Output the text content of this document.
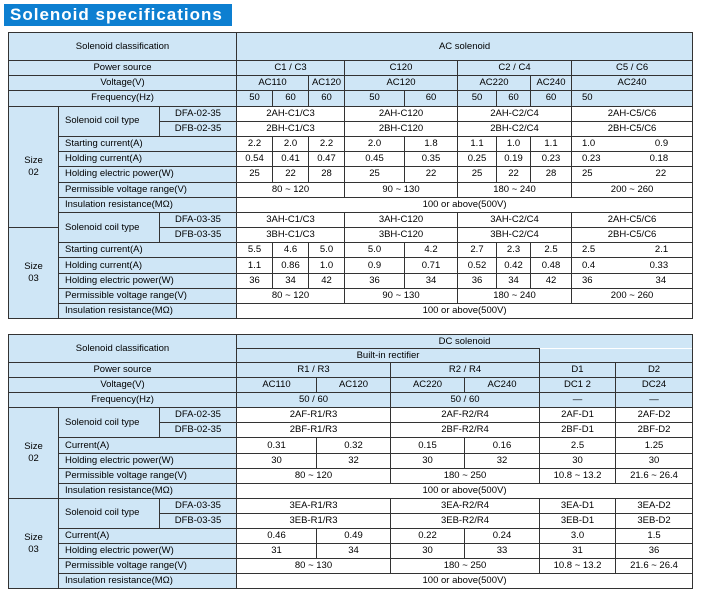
Solenoid specifications
Solenoid classification			AC solenoid								
Power source			C1 / C3			C120		C2 / C4			C5 / C6
Voltage(V)			AC110		AC120	AC120		AC220		AC240	AC240
Frequency(Hz)			50	60	60	50	60	50	60	60	50
Size
02	Solenoid coil type	DFA-02-35	2AH-C1/C3			2AH-C120		2AH-C2/C4			2AH-C5/C6
		DFB-02-35	2BH-C1/C3			2BH-C120		2BH-C2/C4			2BH-C5/C6
	Starting current(A)		2.2	2.0	2.2	2.0	1.8	1.1	1.0	1.1	1.0 0.9

	Holding current(A)		0.54	0.41	0.47	0.45	0.35	0.25	0.19	0.23	0.23 0.18

	Holding electric power(W)		25	22	28	25	22	25	22	28	25 22

	Permissible voltage range(V)		80 ~ 120			90 ~ 130		180 ~ 240			200 ~ 260
	Insulation resistance(MΩ)		100 or above(500V)								
	Solenoid coil type	DFA-03-35	3AH-C1/C3			3AH-C120		3AH-C2/C4			2AH-C5/C6
Size
03		DFB-03-35	3BH-C1/C3			3BH-C120		3BH-C2/C4			2BH-C5/C6
	Starting current(A)		5.5	4.6	5.0	5.0	4.2	2.7	2.3	2.5	2.5 2.1

	Holding current(A)		1.1	0.86	1.0	0.9	0.71	0.52	0.42	0.48	0.4 0.33

	Holding electric power(W)		36	34	42	36	34	36	34	42	36 34

	Permissible voltage range(V)		80 ~ 120			90 ~ 130		180 ~ 240			200 ~ 260
	Insulation resistance(MΩ)		100 or above(500V)								
Solenoid classification			DC solenoid					
			Built-in rectifier					
Power source			R1 / R3		R2 / R4		D1	D2
Voltage(V)			AC110	AC120	AC220	AC240	DC1 2	DC24
Frequency(Hz)			50 / 60		50 / 60		—	—
Size
02	Solenoid coil type	DFA-02-35	2AF-R1/R3		2AF-R2/R4		2AF-D1	2AF-D2
		DFB-02-35	2BF-R1/R3		2BF-R2/R4		2BF-D1	2BF-D2
	Current(A)		0.31	0.32	0.15	0.16	2.5	1.25
	Holding electric power(W)		30	32	30	32	30	30
	Permissible voltage range(V)		80 ~ 120		180 ~ 250		10.8 ~ 13.2	21.6 ~ 26.4
	Insulation resistance(MΩ)		100 or above(500V)					
Size
03	Solenoid coil type	DFA-03-35	3EA-R1/R3		3EA-R2/R4		3EA-D1	3EA-D2
		DFB-03-35	3EB-R1/R3		3EB-R2/R4		3EB-D1	3EB-D2
	Current(A)		0.46	0.49	0.22	0.24	3.0	1.5
	Holding electric power(W)		31	34	30	33	31	36
	Permissible voltage range(V)		80 ~ 130		180 ~ 250		10.8 ~ 13.2	21.6 ~ 26.4
	Insulation resistance(MΩ)		100 or above(500V)					
